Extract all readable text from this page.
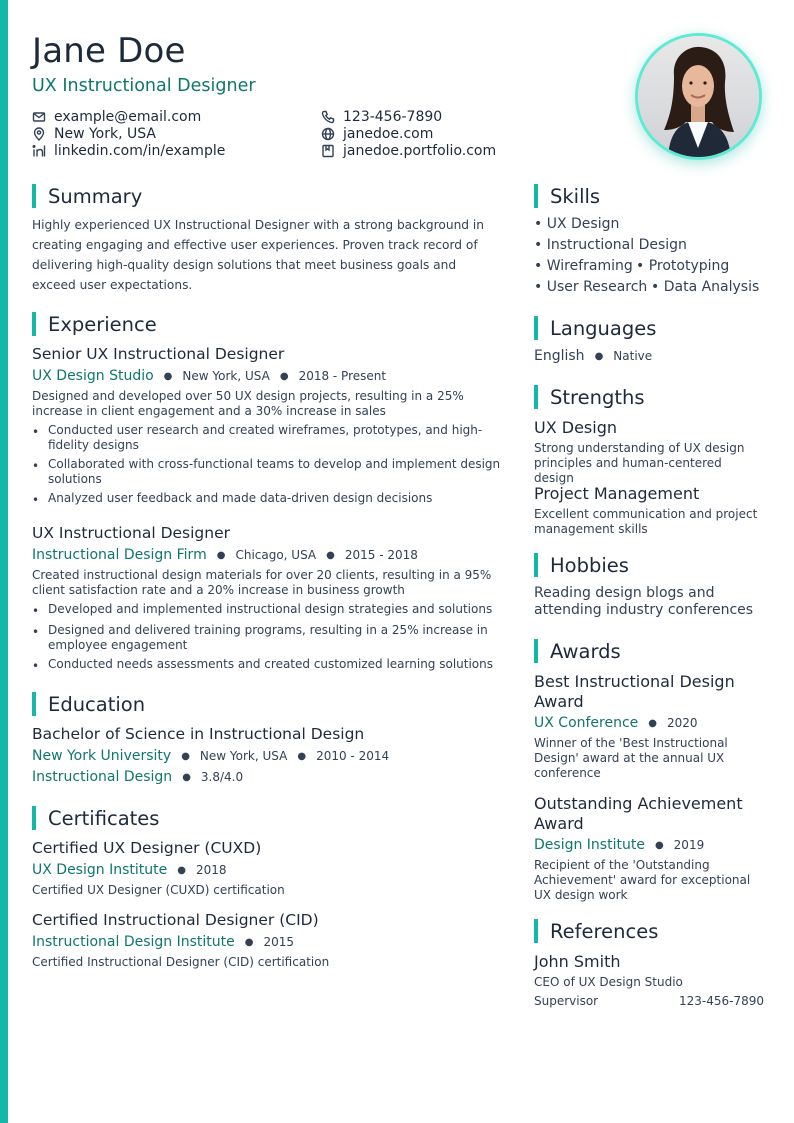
Jane Doe
UX Instructional Designer
example@email.com
New York, USA
linkedin.com/in/example
123-456-7890
janedoe.com
janedoe.portfolio.com
Summary
Highly experienced UX Instructional Designer with a strong background in creating engaging and effective user experiences. Proven track record of delivering high-quality design solutions that meet business goals and exceed user expectations.
Experience
Senior UX Instructional Designer
UX Design Studio ● New York, USA ● 2018 - Present
Designed and developed over 50 UX design projects, resulting in a 25% increase in client engagement and a 30% increase in sales
• Conducted user research and created wireframes, prototypes, and high-fidelity designs
• Collaborated with cross-functional teams to develop and implement design solutions
• Analyzed user feedback and made data-driven design decisions
UX Instructional Designer
Instructional Design Firm ● Chicago, USA ● 2015 - 2018
Created instructional design materials for over 20 clients, resulting in a 95% client satisfaction rate and a 20% increase in business growth
• Developed and implemented instructional design strategies and solutions
• Designed and delivered training programs, resulting in a 25% increase in employee engagement
• Conducted needs assessments and created customized learning solutions
Education
Bachelor of Science in Instructional Design
New York University ● New York, USA ● 2010 - 2014
Instructional Design ● 3.8/4.0
Certificates
Certified UX Designer (CUXD)
UX Design Institute ● 2018
Certified UX Designer (CUXD) certification
Certified Instructional Designer (CID)
Instructional Design Institute ● 2015
Certified Instructional Designer (CID) certification
Skills
• UX Design
• Instructional Design
• Wireframing • Prototyping
• User Research • Data Analysis
Languages
English ● Native
Strengths
UX Design
Strong understanding of UX design principles and human-centered design
Project Management
Excellent communication and project management skills
Hobbies
Reading design blogs and attending industry conferences
Awards
Best Instructional Design Award
UX Conference ● 2020
Winner of the 'Best Instructional Design' award at the annual UX conference
Outstanding Achievement Award
Design Institute ● 2019
Recipient of the 'Outstanding Achievement' award for exceptional UX design work
References
John Smith
CEO of UX Design Studio
Supervisor	123-456-7890
